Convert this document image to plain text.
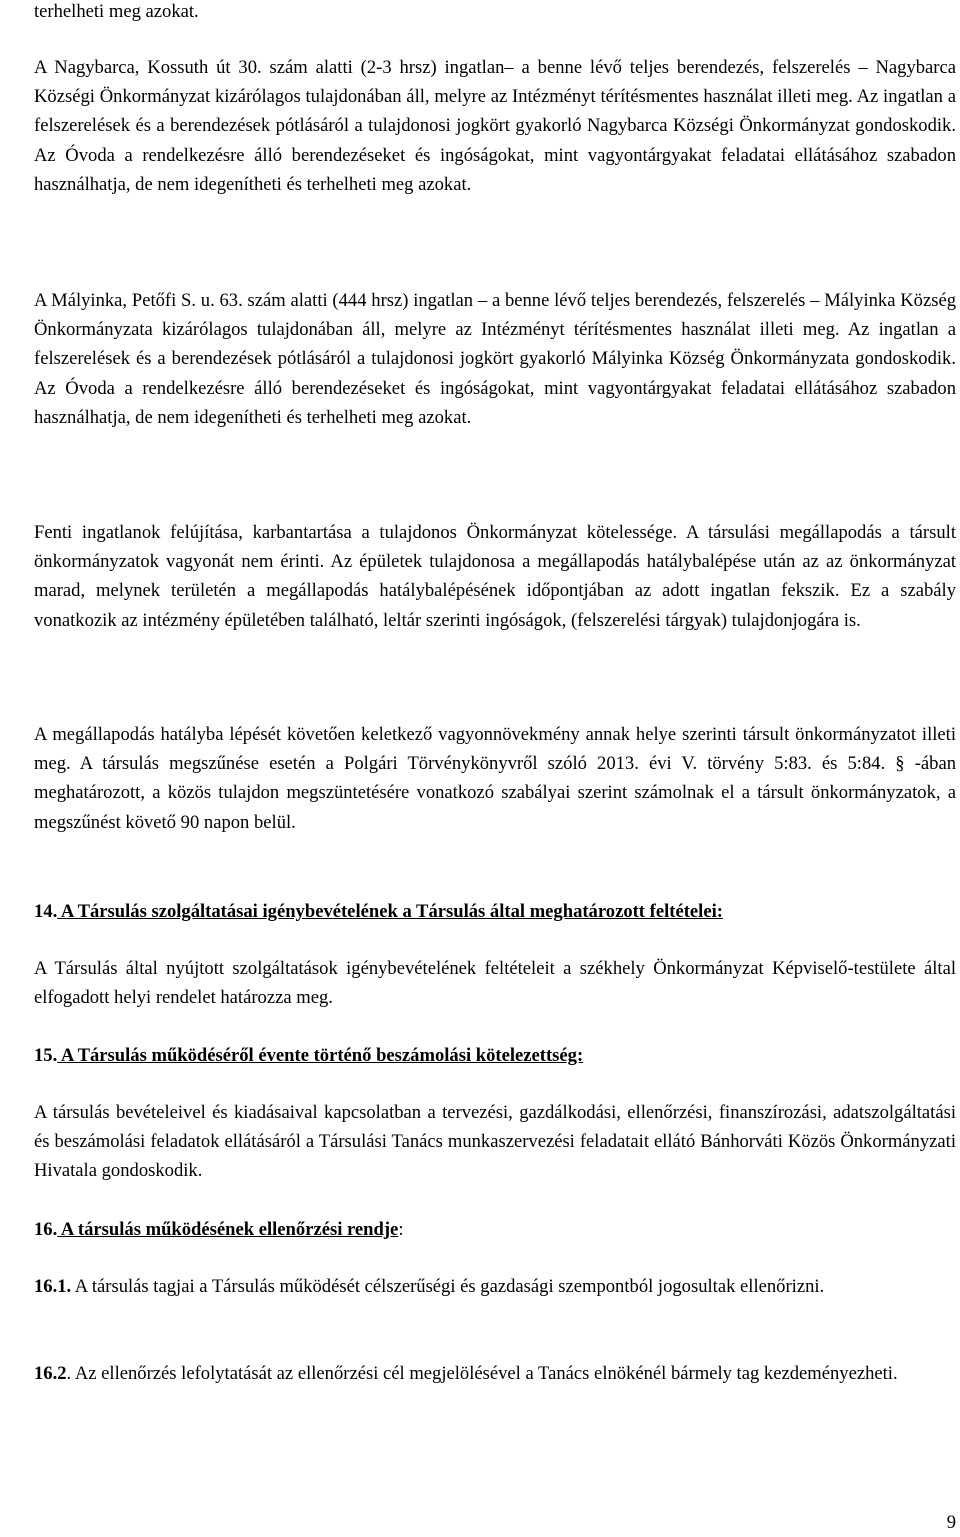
terhelheti meg azokat.

A Nagybarca, Kossuth út 30. szám alatti (2-3 hrsz) ingatlan– a benne lévő teljes berendezés, felszerelés – Nagybarca Községi Önkormányzat kizárólagos tulajdonában áll, melyre az Intézményt térítésmentes használat illeti meg. Az ingatlan a felszerelések és a berendezések pótlásáról a tulajdonosi jogkört gyakorló Nagybarca Községi Önkormányzat gondoskodik. Az Óvoda a rendelkezésre álló berendezéseket és ingóságokat, mint vagyontárgyakat feladatai ellátásához szabadon használhatja, de nem idegenítheti és terhelheti meg azokat.

A Mályinka, Petőfi S. u. 63. szám alatti (444 hrsz) ingatlan – a benne lévő teljes berendezés, felszerelés – Mályinka Község Önkormányzata kizárólagos tulajdonában áll, melyre az Intézményt térítésmentes használat illeti meg. Az ingatlan a felszerelések és a berendezések pótlásáról a tulajdonosi jogkört gyakorló Mályinka Község Önkormányzata gondoskodik. Az Óvoda a rendelkezésre álló berendezéseket és ingóságokat, mint vagyontárgyakat feladatai ellátásához szabadon használhatja, de nem idegenítheti és terhelheti meg azokat.

Fenti ingatlanok felújítása, karbantartása a tulajdonos Önkormányzat kötelessége. A társulási megállapodás a társult önkormányzatok vagyonát nem érinti. Az épületek tulajdonosa a megállapodás hatálybalépése után az az önkormányzat marad, melynek területén a megállapodás hatálybalépésének időpontjában az adott ingatlan fekszik. Ez a szabály vonatkozik az intézmény épületében található, leltár szerinti ingóságok, (felszerelési tárgyak) tulajdonjogára is.

A megállapodás hatályba lépését követően keletkező vagyonnövekmény annak helye szerinti társult önkormányzatot illeti meg. A társulás megszűnése esetén a Polgári Törvénykönyvről szóló 2013. évi V. törvény 5:83. és 5:84. § -ában meghatározott, a közös tulajdon megszüntetésére vonatkozó szabályai szerint számolnak el a társult önkormányzatok, a megszűnést követő 90 napon belül.

14. A Társulás szolgáltatásai igénybevételének a Társulás által meghatározott feltételei:

A Társulás által nyújtott szolgáltatások igénybevételének feltételeit a székhely Önkormányzat Képviselő-testülete által elfogadott helyi rendelet határozza meg.

15. A Társulás működéséről évente történő beszámolási kötelezettség:

A társulás bevételeivel és kiadásaival kapcsolatban a tervezési, gazdálkodási, ellenőrzési, finanszírozási, adatszolgáltatási és beszámolási feladatok ellátásáról a Társulási Tanács munkaszervezési feladatait ellátó Bánhorváti Közös Önkormányzati Hivatala gondoskodik.

16. A társulás működésének ellenőrzési rendje:

16.1. A társulás tagjai a Társulás működését célszerűségi és gazdasági szempontból jogosultak ellenőrizni.

16.2. Az ellenőrzés lefolytatását az ellenőrzési cél megjelölésével a Tanács elnökénél bármely tag kezdeményezheti.

9
